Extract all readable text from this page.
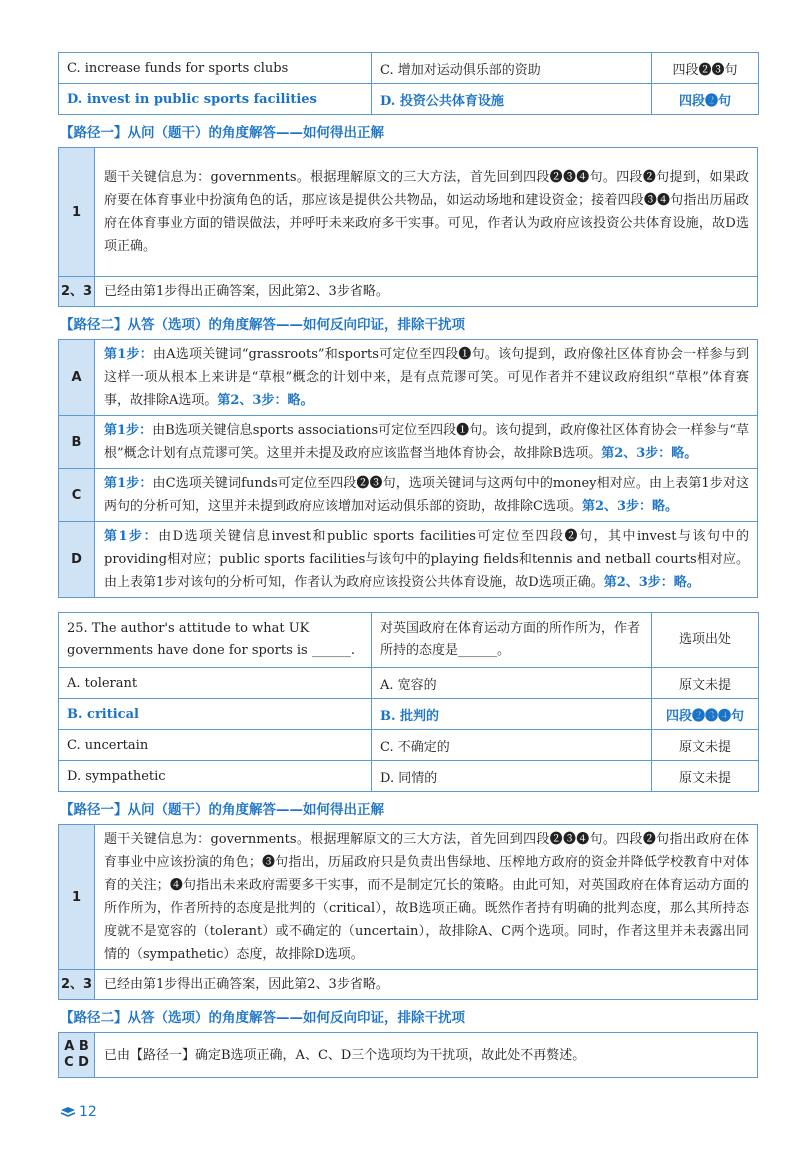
C. increase funds for sports clubs	C. 增加对运动俱乐部的资助	四段❷❸句
D. invest in public sports facilities	D. 投资公共体育设施	四段❷句
【路径一】从问（题干）的角度解答——如何得出正解
1	题干关键信息为：governments。根据理解原文的三大方法，首先回到四段❷❸❹句。四段❷句提到，如果政府要在体育事业中扮演角色的话，那应该是提供公共物品，如运动场地和建设资金；接着四段❸❹句指出历届政府在体育事业方面的错误做法，并呼吁未来政府多干实事。可见，作者认为政府应该投资公共体育设施，故D选项正确。
2、3	已经由第1步得出正确答案，因此第2、3步省略。
【路径二】从答（选项）的角度解答——如何反向印证，排除干扰项
A	第1步：由A选项关键词“grassroots”和sports可定位至四段❶句。该句提到，政府像社区体育协会一样参与到这样一项从根本上来讲是“草根”概念的计划中来，是有点荒谬可笑。可见作者并不建议政府组织“草根”体育赛事，故排除A选项。第2、3步：略。
B	第1步：由B选项关键信息sports associations可定位至四段❶句。该句提到，政府像社区体育协会一样参与“草根”概念计划有点荒谬可笑。这里并未提及政府应该监督当地体育协会，故排除B选项。第2、3步：略。
C	第1步：由C选项关键词funds可定位至四段❷❸句，选项关键词与这两句中的money相对应。由上表第1步对这两句的分析可知，这里并未提到政府应该增加对运动俱乐部的资助，故排除C选项。第2、3步：略。
D	第1步：由D选项关键信息invest和public sports facilities可定位至四段❷句，其中invest与该句中的providing相对应；public sports facilities与该句中的playing fields和tennis and netball courts相对应。由上表第1步对该句的分析可知，作者认为政府应该投资公共体育设施，故D选项正确。第2、3步：略。
25. The author's attitude to what UK governments have done for sports is ______.	对英国政府在体育运动方面的所作所为，作者所持的态度是______。	选项出处
A. tolerant	A. 宽容的	原文未提
B. critical	B. 批判的	四段❷❸❹句
C. uncertain	C. 不确定的	原文未提
D. sympathetic	D. 同情的	原文未提
【路径一】从问（题干）的角度解答——如何得出正解
1	题干关键信息为：governments。根据理解原文的三大方法，首先回到四段❷❸❹句。四段❷句指出政府在体育事业中应该扮演的角色；❸句指出，历届政府只是负责出售绿地、压榨地方政府的资金并降低学校教育中对体育的关注；❹句指出未来政府需要多干实事，而不是制定冗长的策略。由此可知，对英国政府在体育运动方面的所作所为，作者所持的态度是批判的（critical），故B选项正确。既然作者持有明确的批判态度，那么其所持态度就不是宽容的（tolerant）或不确定的（uncertain），故排除A、C两个选项。同时，作者这里并未表露出同情的（sympathetic）态度，故排除D选项。
2、3	已经由第1步得出正确答案，因此第2、3步省略。
【路径二】从答（选项）的角度解答——如何反向印证，排除干扰项
A B C D	已由【路径一】确定B选项正确，A、C、D三个选项均为干扰项，故此处不再赘述。
12
